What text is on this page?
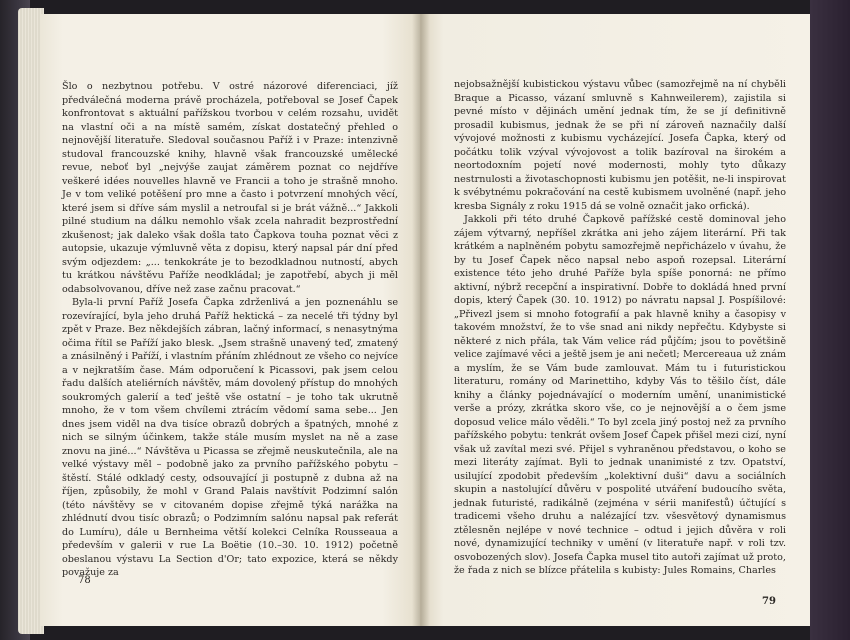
Šlo o nezbytnou potřebu. V ostré názorové diferenciaci, jíž předválečná moderna právě procházela, potřeboval se Josef Čapek konfrontovat s aktuální pařížskou tvorbou v celém rozsahu, uvidět na vlastní oči a na místě samém, získat dostatečný přehled o nejnovější literatuře. Sledoval současnou Paříž i v Praze: intenzivně studoval francouzské knihy, hlavně však francouzské umělecké revue, neboť byl „nejvýše zaujat záměrem poznat co nejdříve veškeré idées nouvelles hlavně ve Francii a toho je strašně mnoho. Je v tom veliké potěšení pro mne a často i potvrzení mnohých věcí, které jsem si dříve sám myslil a netroufal si je brát vážně...“ Jakkoli pilné studium na dálku nemohlo však zcela nahradit bezprostřední zkušenost; jak daleko však došla tato Čapkova touha poznat věci z autopsie, ukazuje výmluvně věta z dopisu, který napsal pár dní před svým odjezdem: „... tenkokráte je to bezodkladnou nutností, abych tu krátkou návštěvu Paříže neodkládal; je zapotřebí, abych ji měl odabsolvovanou, dříve než zase začnu pracovat.“

Byla-li první Paříž Josefa Čapka zdrženlivá a jen poznenáhlu se rozevírající, byla jeho druhá Paříž hektická – za necelé tři týdny byl zpět v Praze. Bez někdejších zábran, lačný informací, s nenasytnýma očima řítil se Paříží jako blesk. „Jsem strašně unavený teď, zmatený a znásilněný i Paříží, i vlastním přáním zhlédnout ze všeho co nejvíce a v nejkratším čase. Mám odporučení k Picassovi, pak jsem celou řadu dalších ateliérních návštěv, mám dovolený přístup do mnohých soukromých galerií a teď ještě vše ostatní – je toho tak ukrutně mnoho, že v tom všem chvílemi ztrácím vědomí sama sebe... Jen dnes jsem viděl na dva tisíce obrazů dobrých a špatných, mnohé z nich se silným účinkem, takže stále musím myslet na ně a zase znovu na jiné...“ Návštěva u Picassa se zřejmě neuskutečnila, ale na velké výstavy měl – podobně jako za prvního pařížského pobytu – štěstí. Stálé odkladý cesty, odsouvající ji postupně z dubna až na říjen, způsobily, že mohl v Grand Palais navštívit Podzimní salón (této návštěvy se v citovaném dopise zřejmě týká narážka na zhlédnutí dvou tisíc obrazů; o Podzimním salónu napsal pak referát do Lumíru), dále u Bernheima větší kolekci Celníka Rousseaua a především v galerii v rue La Boëtie (10.–30. 10. 1912) početně obeslanou výstavu La Section d'Or; tato expozice, která se někdy považuje za

78

nejobsažnější kubistickou výstavu vůbec (samozřejmě na ní chyběli Braque a Picasso, vázaní smluvně s Kahnweilerem), zajistila si pevné místo v dějinách umění jednak tím, že se jí definitivně prosadil kubismus, jednak že se při ní zároveň naznačily další vývojové možnosti z kubismu vycházející. Josefa Čapka, který od počátku tolik vzýval vývojovost a tolik bazíroval na širokém a neortodoxním pojetí nové modernosti, mohly tyto důkazy nestrnulosti a životaschopnosti kubismu jen potěšit, ne-li inspirovat k svébytnému pokračování na cestě kubismem uvolněné (např. jeho kresba Signály z roku 1915 dá se volně označit jako orfická).

Jakkoli při této druhé Čapkově pařížské cestě dominoval jeho zájem výtvarný, nepříšel zkrátka ani jeho zájem literární. Při tak krátkém a naplněném pobytu samozřejmě nepřicházelo v úvahu, že by tu Josef Čapek něco napsal nebo aspoň rozepsal. Literární existence této jeho druhé Paříže byla spíše ponorná: ne přímo aktivní, nýbrž recepční a inspirativní. Dobře to dokládá hned první dopis, který Čapek (30. 10. 1912) po návratu napsal J. Pospíšilové: „Přivezl jsem si mnoho fotografií a pak hlavně knihy a časopisy v takovém množství, že to vše snad ani nikdy nepřečtu. Kdybyste si některé z nich přála, tak Vám velice rád půjčím; jsou to povětšině velice zajímavé věci a ještě jsem je ani nečetl; Mercereaua už znám a myslím, že se Vám bude zamlouvat. Mám tu i futuristickou literaturu, romány od Marinettiho, kdyby Vás to těšilo číst, dále knihy a články pojednávající o moderním umění, unanimistické verše a prózy, zkrátka skoro vše, co je nejnovější a o čem jsme doposud velice málo věděli.“ To byl zcela jiný postoj než za prvního pařížského pobytu: tenkrát ovšem Josef Čapek přišel mezi cizí, nyní však už zavítal mezi své. Přijel s vyhraněnou představou, o koho se mezi literáty zajímat. Byli to jednak unanimisté z tzv. Opatství, usilující zpodobit především „kolektivní duši“ davu a sociálních skupin a nastolující důvěru v pospolité utváření budoucího světa, jednak futuristé, radikálně (zejména v sérii manifestů) účtující s tradicemi všeho druhu a nalézající tzv. všesvětový dynamismus ztělesněn nejlépe v nové technice – odtud i jejich důvěra v roli nové, dynamizující techniky v umění (v literatuře např. v roli tzv. osvobozených slov). Josefa Čapka musel tito autoři zajímat už proto, že řada z nich se blízce přátelila s kubisty: Jules Romains, Charles

79
